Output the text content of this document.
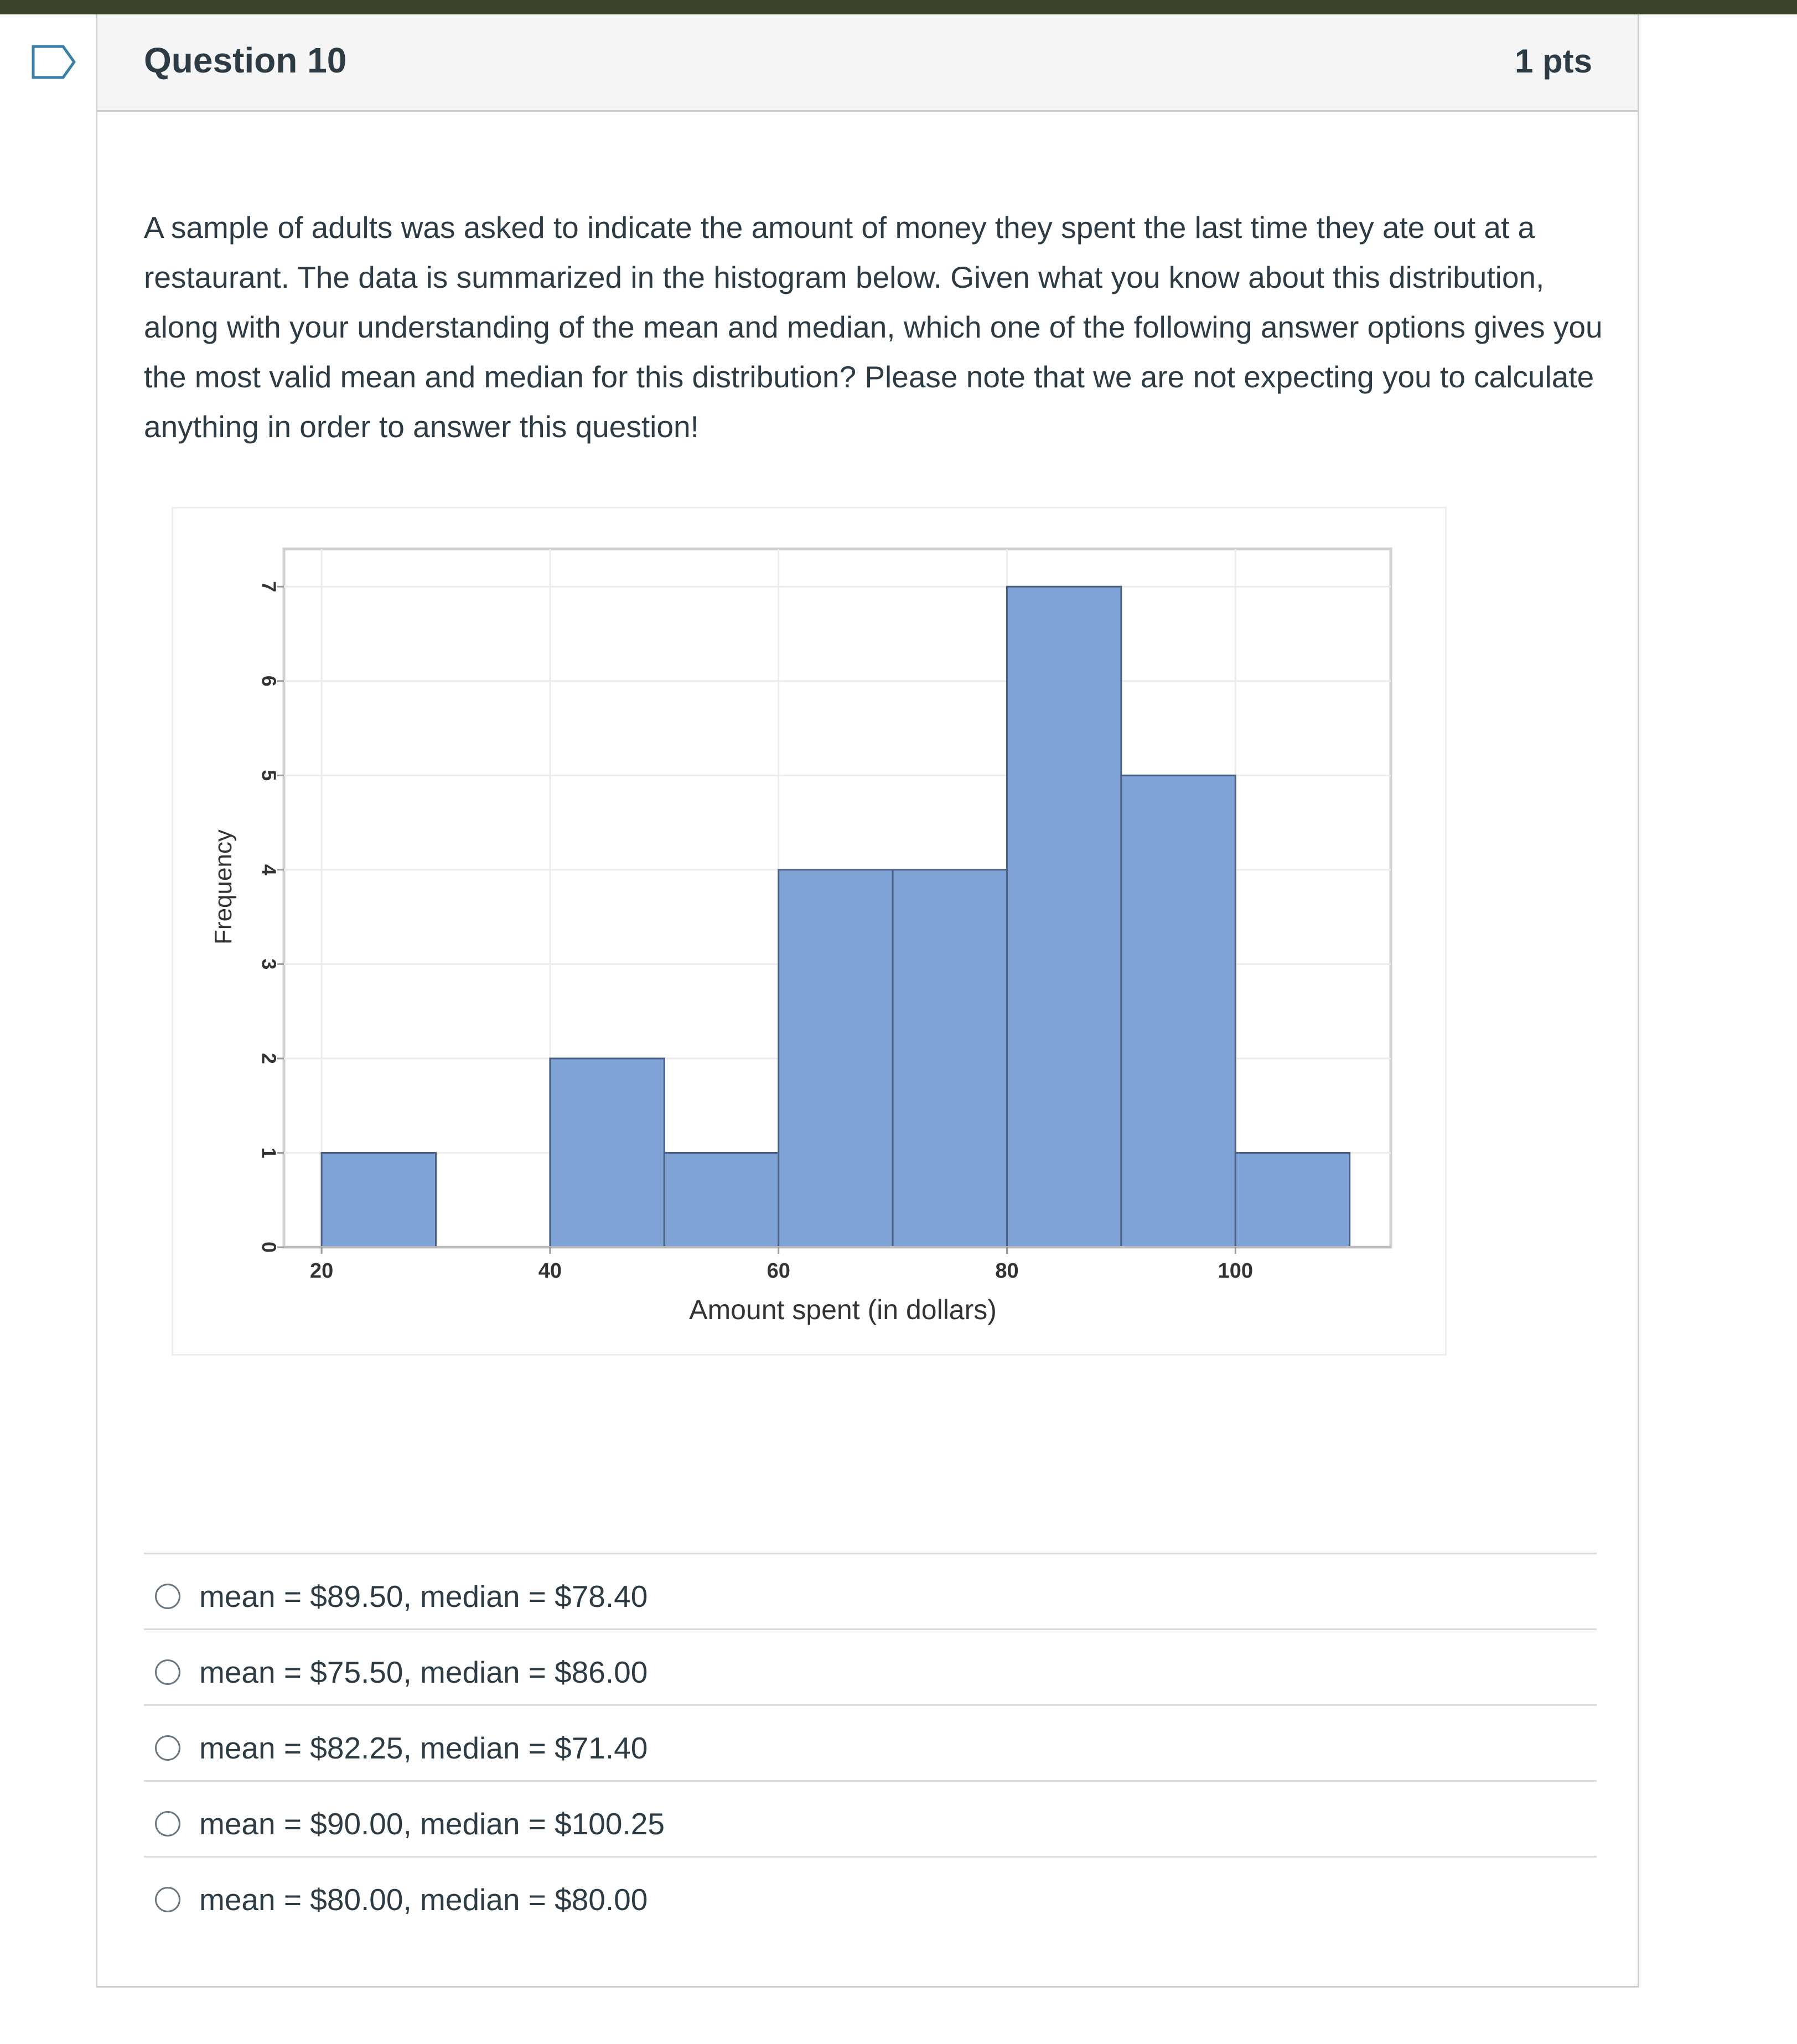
Question 10	1 pts
A sample of adults was asked to indicate the amount of money they spent the last time they ate out at a restaurant. The data is summarized in the histogram below. Given what you know about this distribution, along with your understanding of the mean and median, which one of the following answer options gives you the most valid mean and median for this distribution? Please note that we are not expecting you to calculate anything in order to answer this question!
0
1
2
3
4
5
6
7
20	40	60	80	100
Amount spent (in dollars)
Frequency
mean = $89.50, median = $78.40
mean = $75.50, median = $86.00
mean = $82.25, median = $71.40
mean = $90.00, median = $100.25
mean = $80.00, median = $80.00
